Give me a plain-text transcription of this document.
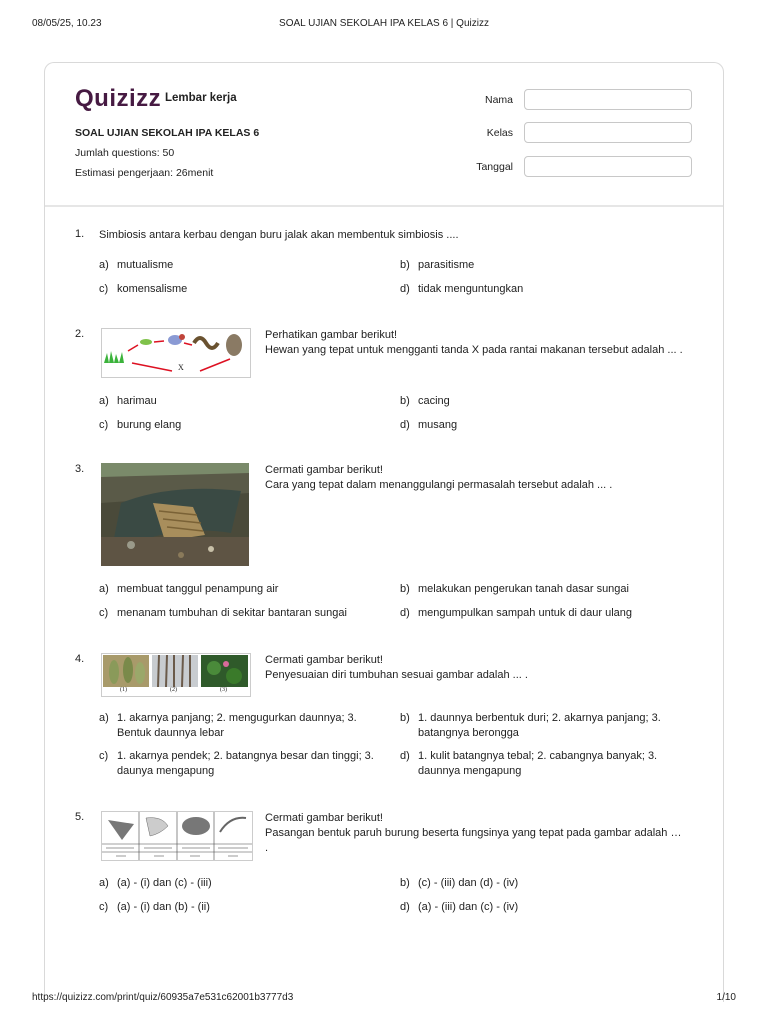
08/05/25, 10.23	SOAL UJIAN SEKOLAH IPA KELAS 6 | Quizizz
Quizizz Lembar kerja
SOAL UJIAN SEKOLAH IPA KELAS 6
Jumlah questions: 50
Estimasi pengerjaan: 26menit
Nama
Kelas
Tanggal
1. Simbiosis antara kerbau dengan buru jalak akan membentuk simbiosis ....
a) mutualisme	b) parasitisme
c) komensalisme	d) tidak menguntungkan
2.
X
Perhatikan gambar berikut!
Hewan yang tepat untuk mengganti tanda X pada rantai makanan tersebut adalah ... .
a) harimau	b) cacing
c) burung elang	d) musang
3.	Cermati gambar berikut!
Cara yang tepat dalam menanggulangi permasalah tersebut adalah ... .
a) membuat tanggul penampung air	b) melakukan pengerukan tanah dasar sungai
c) menanam tumbuhan di sekitar bantaran sungai	d) mengumpulkan sampah untuk di daur ulang
4.
(1)	(2)	(3)
Cermati gambar berikut!
Penyesuaian diri tumbuhan sesuai gambar adalah ... .
a) 1. akarnya panjang; 2. mengugurkan daunnya; 3.
Bentuk daunnya lebar
b) 1. daunnya berbentuk duri; 2. akarnya panjang; 3.
batangnya berongga
c) 1. akarnya pendek; 2. batangnya besar dan tinggi; 3.
daunya mengapung
d) 1. kulit batangnya tebal; 2. cabangnya banyak; 3.
daunnya mengapung
5.	Cermati gambar berikut!
Pasangan bentuk paruh burung beserta fungsinya yang tepat pada gambar adalah …
.
a) (a) - (i) dan (c) - (iii)	b) (c) - (iii) dan (d) - (iv)
c) (a) - (i) dan (b) - (ii)	d) (a) - (iii) dan (c) - (iv)
https://quizizz.com/print/quiz/60935a7e531c62001b3777d3	1/10
